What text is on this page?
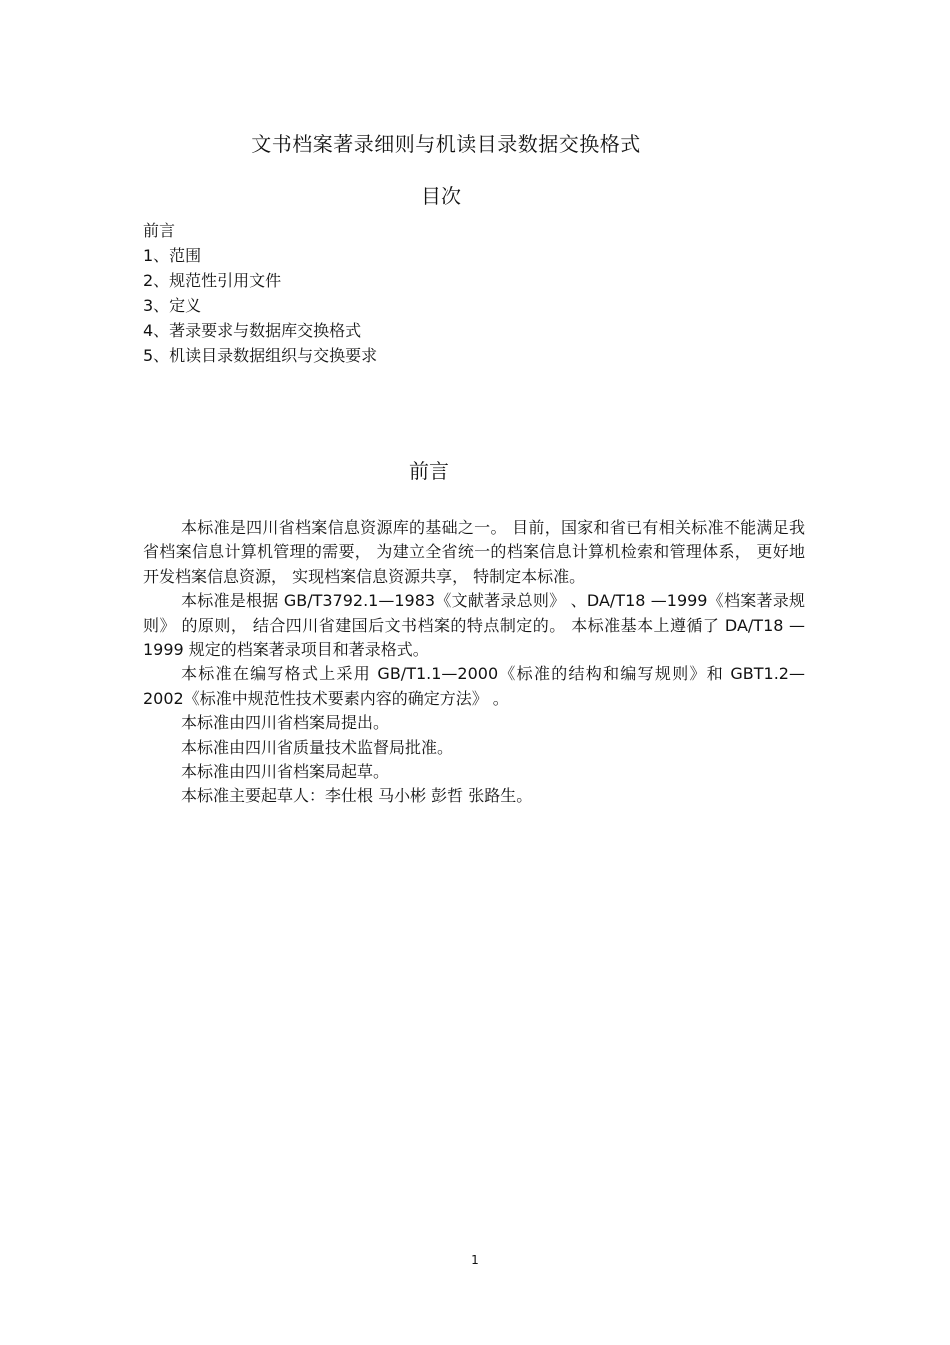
文书档案著录细则与机读目录数据交换格式
目次
前言
1、范围
2、规范性引用文件
3、定义
4、著录要求与数据库交换格式
5、机读目录数据组织与交换要求
前言

本标准是四川省档案信息资源库的基础之一。 目前，国家和省已有相关标准不能满足我省档案信息计算机管理的需要， 为建立全省统一的档案信息计算机检索和管理体系， 更好地开发档案信息资源， 实现档案信息资源共享， 特制定本标准。

本标准是根据 GB/T3792.1—1983《文献著录总则》 、DA/T18 —1999《档案著录规则》 的原则， 结合四川省建国后文书档案的特点制定的。 本标准基本上遵循了 DA/T18 —1999 规定的档案著录项目和著录格式。

本标准在编写格式上采用 GB/T1.1—2000《标准的结构和编写规则》和 GBT1.2—2002《标准中规范性技术要素内容的确定方法》 。

本标准由四川省档案局提出。

本标准由四川省质量技术监督局批准。

本标准由四川省档案局起草。

本标准主要起草人：李仕根 马小彬 彭哲 张路生。

1
